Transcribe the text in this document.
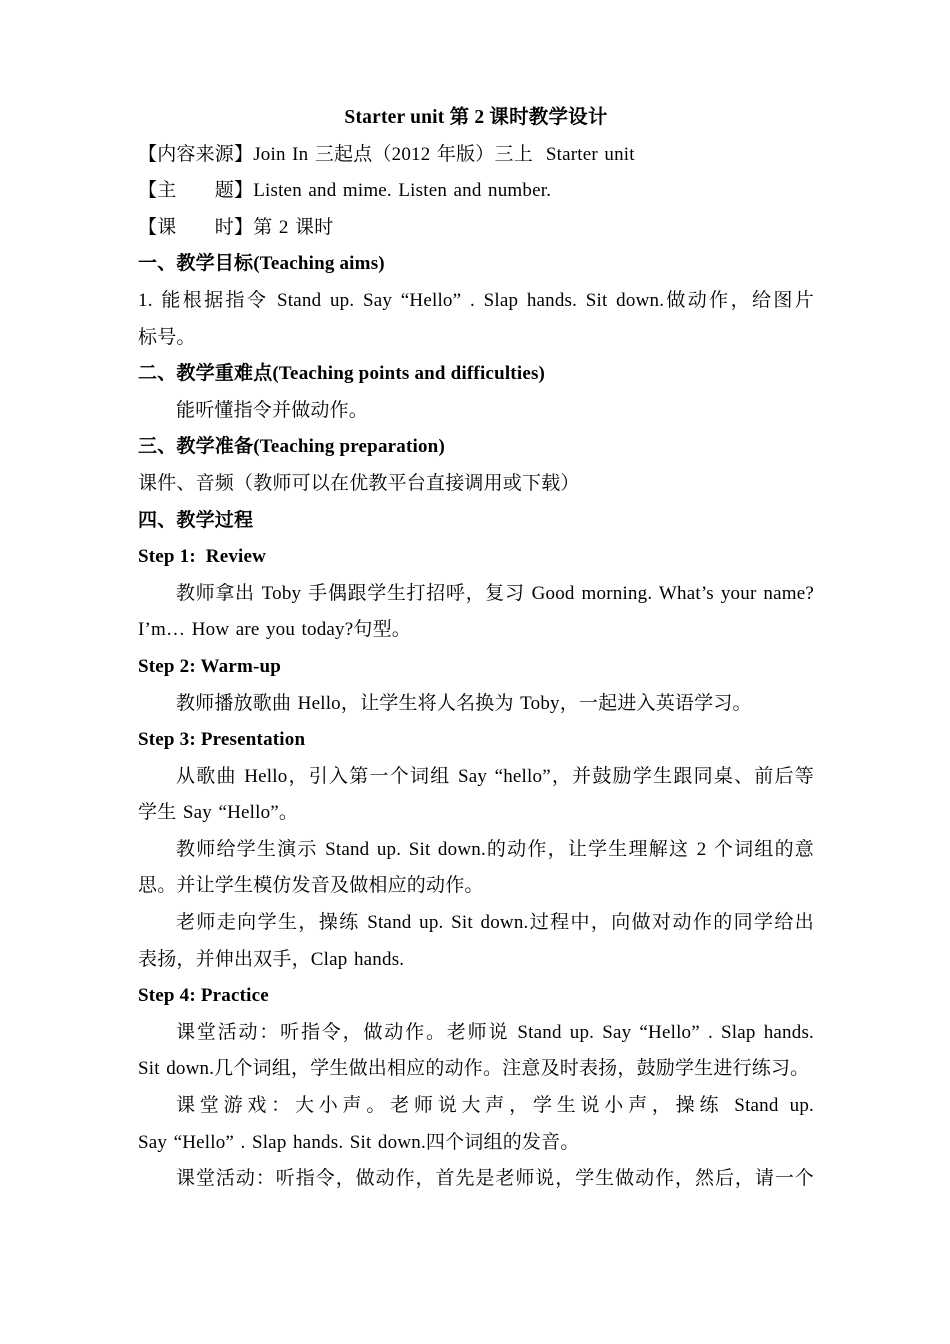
Starter unit 第 2 课时教学设计
【内容来源】Join In 三起点（2012 年版）三上  Starter unit
【主　　题】Listen and mime. Listen and number.
【课　　时】第 2 课时
一、教学目标(Teaching aims)
1. 能根据指令 Stand up. Say “Hello” . Slap hands. Sit down.做动作，给图片
标号。
二、教学重难点(Teaching points and difficulties)
能听懂指令并做动作。
三、教学准备(Teaching preparation)
课件、音频（教师可以在优教平台直接调用或下载）
四、教学过程
Step 1:  Review
教师拿出 Toby 手偶跟学生打招呼，复习 Good morning. What’s your name?
I’m… How are you today?句型。
Step 2: Warm-up
教师播放歌曲 Hello，让学生将人名换为 Toby，一起进入英语学习。
Step 3: Presentation
从歌曲 Hello，引入第一个词组 Say “hello”，并鼓励学生跟同桌、前后等
学生 Say “Hello”。
教师给学生演示 Stand up. Sit down.的动作，让学生理解这 2 个词组的意
思。并让学生模仿发音及做相应的动作。
老师走向学生，操练 Stand up. Sit down.过程中，向做对动作的同学给出
表扬，并伸出双手，Clap hands.
Step 4: Practice
课堂活动：听指令，做动作。老师说 Stand up. Say “Hello” . Slap hands.
Sit down.几个词组，学生做出相应的动作。注意及时表扬，鼓励学生进行练习。
课堂游戏：大小声。老师说大声，学生说小声，操练 Stand up.
Say “Hello” . Slap hands. Sit down.四个词组的发音。
课堂活动：听指令，做动作，首先是老师说，学生做动作，然后，请一个
